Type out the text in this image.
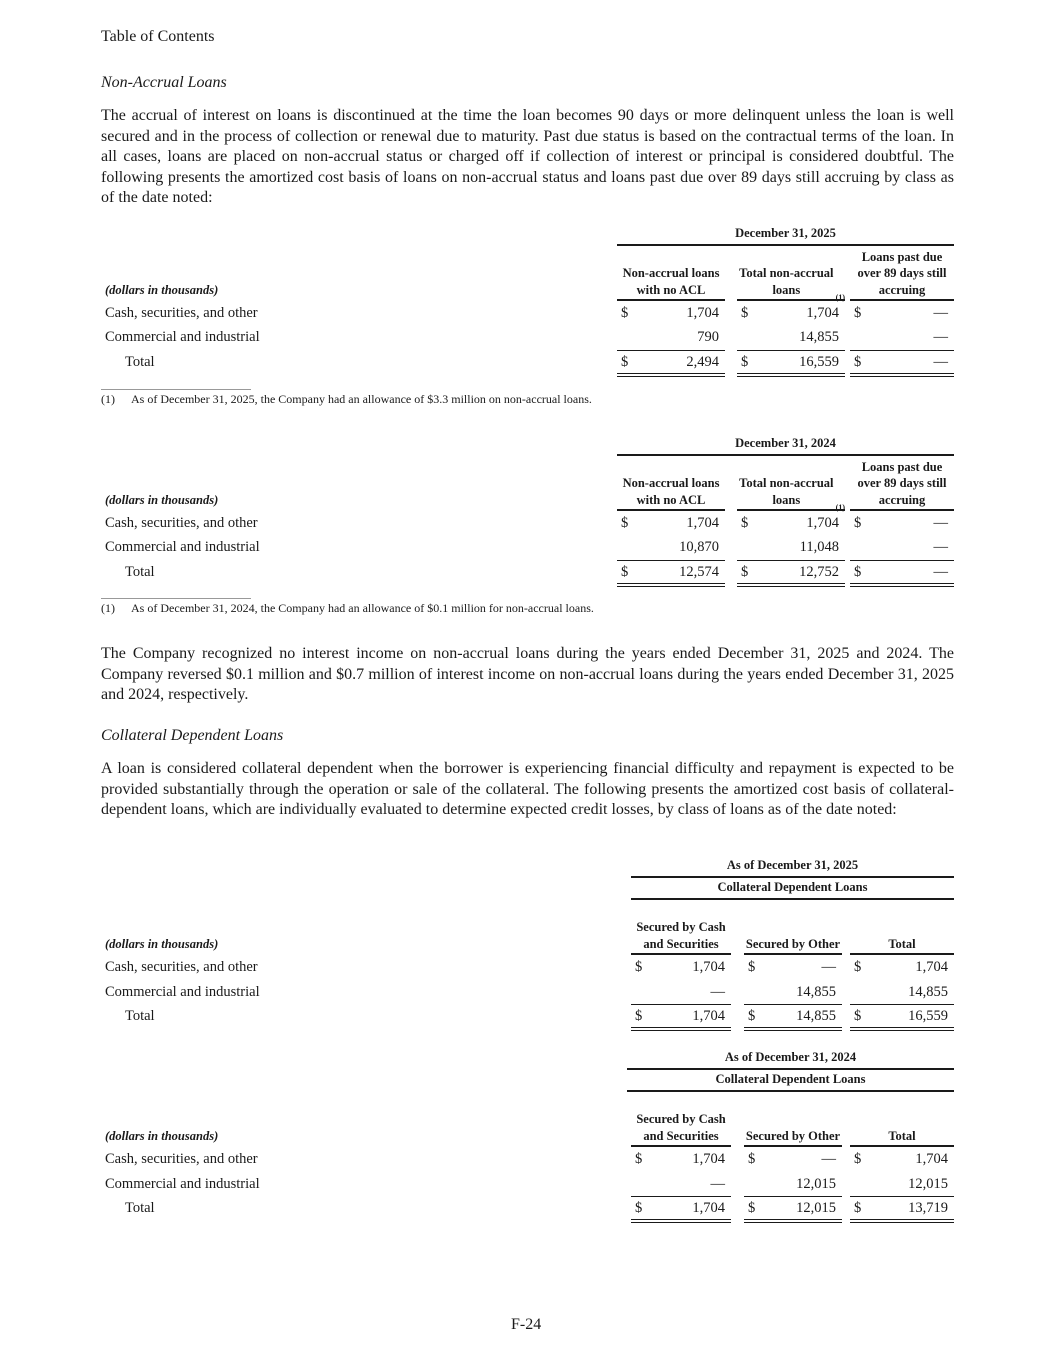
Table of Contents
Non-Accrual Loans

The accrual of interest on loans is discontinued at the time the loan becomes 90 days or more delinquent unless the loan is well secured and in the process of collection or renewal due to maturity. Past due status is based on the contractual terms of the loan. In all cases, loans are placed on non-accrual status or charged off if collection of interest or principal is considered doubtful. The following presents the amortized cost basis of loans on non-accrual status and loans past due over 89 days still accruing by class as of the date noted:

December 31, 2025
Non-accrual loans with no ACL
Total non-accrual loans
(1)
Loans past due over 89 days still accruing
(dollars in thousands)
Cash, securities, and other	$	1,704 $	1,704 $	—
Commercial and industrial	790	14,855	—
Total	$	2,494 $	16,559 $	—
(1) As of December 31, 2025, the Company had an allowance of $3.3 million on non-accrual loans.
December 31, 2024
Non-accrual loans with no ACL
Total non-accrual loans
(1)
Loans past due over 89 days still accruing
(dollars in thousands)
Cash, securities, and other	$	1,704 $	1,704 $	—
Commercial and industrial	10,870	11,048	—
Total	$	12,574 $	12,752 $	—
(1) As of December 31, 2024, the Company had an allowance of $0.1 million for non-accrual loans.

The Company recognized no interest income on non-accrual loans during the years ended December 31, 2025 and 2024. The Company reversed $0.1 million and $0.7 million of interest income on non-accrual loans during the years ended December 31, 2025 and 2024, respectively.

Collateral Dependent Loans

A loan is considered collateral dependent when the borrower is experiencing financial difficulty and repayment is expected to be provided substantially through the operation or sale of the collateral. The following presents the amortized cost basis of collateral-dependent loans, which are individually evaluated to determine expected credit losses, by class of loans as of the date noted:

As of December 31, 2025
Collateral Dependent Loans
Secured by Cash and Securities	Secured by Other	Total
(dollars in thousands)
Cash, securities, and other	$	1,704 $	— $	1,704
Commercial and industrial	—	14,855	14,855
Total	$	1,704 $	14,855 $	16,559
As of December 31, 2024
Collateral Dependent Loans
Secured by Cash and Securities	Secured by Other	Total
(dollars in thousands)
Cash, securities, and other	$	1,704 $	— $	1,704
Commercial and industrial	—	12,015	12,015
Total	$	1,704 $	12,015 $	13,719
F-24
